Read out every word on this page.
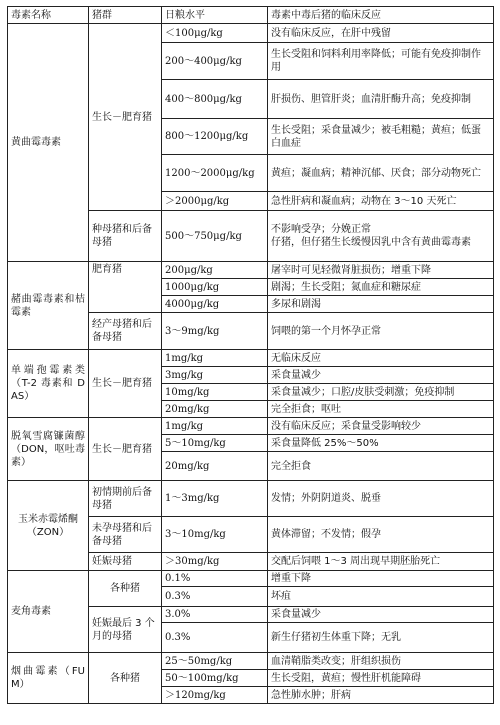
毒素名称	猪群	日粮水平	毒素中毒后猪的临床反应
黄曲霉毒素	生长－肥育猪	＜100μg/kg	没有临床反应，在肝中残留
		200～400μg/kg	生长受阻和饲料利用率降低；可能有免疫抑制作用
		400～800μg/kg	肝损伤、胆管肝炎；血清肝酶升高；免疫抑制
		800～1200μg/kg	生长受阻；采食量减少；被毛粗糙；黄疸；低蛋白血症
		1200～2000μg/kg	黄疸；凝血病；精神沉郁、厌食；部分动物死亡
		＞2000μg/kg	急性肝病和凝血病；动物在 3～10 天死亡
	种母猪和后备母猪	500～750μg/kg	不影响受孕；分娩正常
仔猪，但仔猪生长缓慢因乳中含有黄曲霉毒素
赭曲霉毒素和桔霉素	肥育猪	200μg/kg	屠宰时可见轻微肾脏损伤；增重下降
		1000μg/kg	剧渴；生长受阻；氮血症和糖尿症
		4000μg/kg	多尿和剧渴
	经产母猪和后备母猪	3～9mg/kg	饲喂的第一个月怀孕正常
单端孢霉素类（T-2 毒素和 DAS）	生长－肥育猪	1mg/kg	无临床反应
		3mg/kg	采食量减少
		10mg/kg	采食量减少；口腔/皮肤受刺激；免疫抑制
		20mg/kg	完全拒食；呕吐
脱氧雪腐镰菌醇（DON，呕吐毒素）	生长－肥育猪	1mg/kg	没有临床反应；采食量受影响较少
		5～10mg/kg	采食量降低 25%～50%
		20mg/kg	完全拒食
玉米赤霉烯酮（ZON）	初情期前后备母猪	1～3mg/kg	发情；外阴阴道炎、脱垂
	未孕母猪和后备母猪	3～10mg/kg	黄体滞留；不发情；假孕
	妊娠母猪	＞30mg/kg	交配后饲喂 1～3 周出现早期胚胎死亡
麦角毒素	各种猪	0.1%	增重下降
		0.3%	坏疽
	妊娠最后 3 个月的母猪	3.0%	采食量减少
		0.3%	新生仔猪初生体重下降；无乳
烟曲霉素（FUM）	各种猪	25～50mg/kg	血清鞘脂类改变；肝组织损伤
		50～100mg/kg	生长受阻，黄疸；慢性肝机能障碍
		＞120mg/kg	急性肺水肿；肝病
